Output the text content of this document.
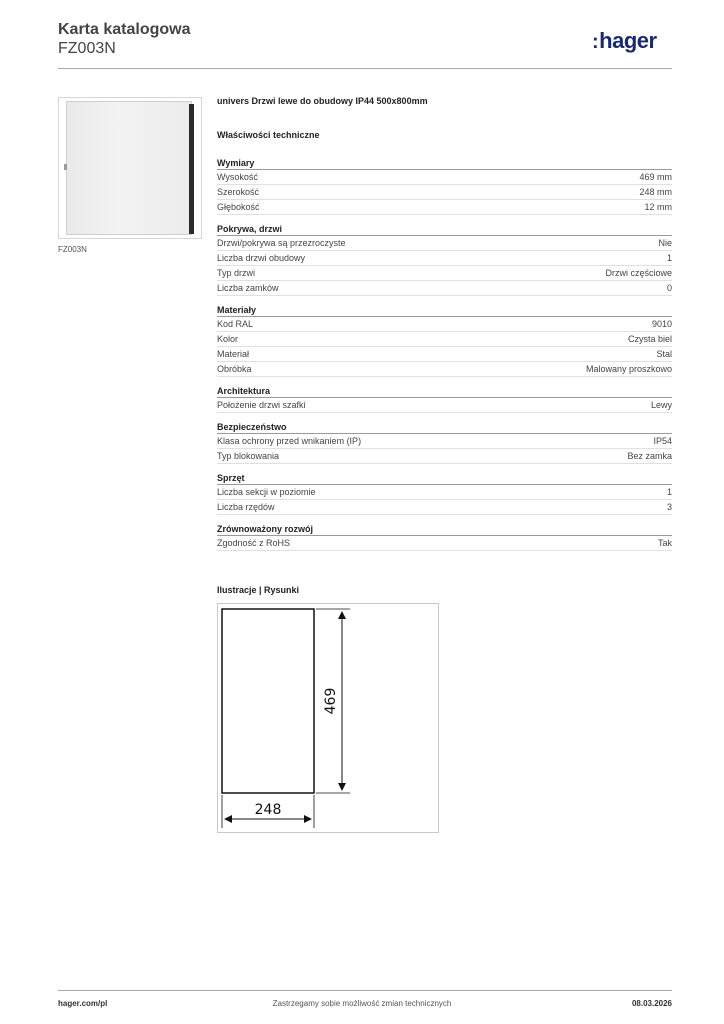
Karta katalogowa
FZ003N	:hager
FZ003N
univers Drzwi lewe do obudowy IP44 500x800mm
Właściwości techniczne
Wymiary
Wysokość	469 mm
Szerokość	248 mm
Głębokość	12 mm
Pokrywa, drzwi
Drzwi/pokrywa są przezroczyste	Nie
Liczba drzwi obudowy	1
Typ drzwi	Drzwi częściowe
Liczba zamków	0
Materiały
Kod RAL	9010
Kolor	Czysta biel
Materiał	Stal
Obróbka	Malowany proszkowo
Architektura
Położenie drzwi szafki	Lewy
Bezpieczeństwo
Klasa ochrony przed wnikaniem (IP)	IP54
Typ blokowania	Bez zamka
Sprzęt
Liczba sekcji w poziomie	1
Liczba rzędów	3
Zrównoważony rozwój
Zgodność z RoHS	Tak
Ilustracje | Rysunki
469
248
hager.com/pl	Zastrzegamy sobie możliwość zmian technicznych	08.03.2026
